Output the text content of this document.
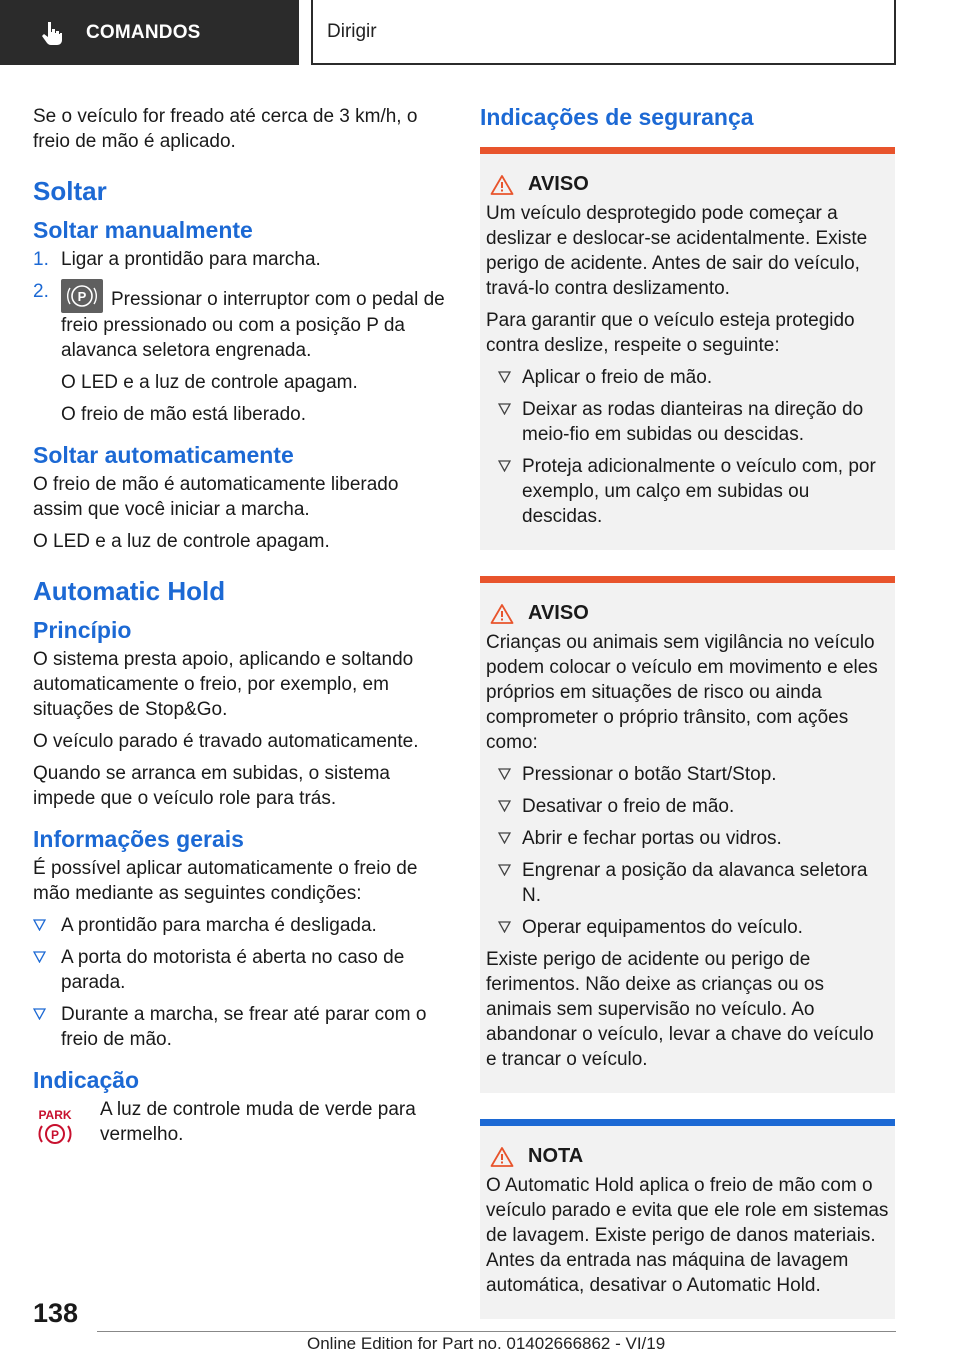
COMANDOS	Dirigir

Se o veículo for freado até cerca de 3 km/h, o freio de mão é aplicado.

Soltar
Soltar manualmente
1. Ligar a prontidão para marcha.
2. P Pressionar o interruptor com o pedal de freio pressionado ou com a posição P da alavanca seletora engrenada.

O LED e a luz de controle apagam.

O freio de mão está liberado.

Soltar automaticamente

O freio de mão é automaticamente liberado assim que você iniciar a marcha.

O LED e a luz de controle apagam.

Automatic Hold
Princípio

O sistema presta apoio, aplicando e soltando automaticamente o freio, por exemplo, em situações de Stop&Go.

O veículo parado é travado automaticamente.

Quando se arranca em subidas, o sistema impede que o veículo role para trás.

Informações gerais

É possível aplicar automaticamente o freio de mão mediante as seguintes condições:

A prontidão para marcha é desligada.
A porta do motorista é aberta no caso de parada.
Durante a marcha, se frear até parar com o freio de mão.
Indicação
PARK
P

A luz de controle muda de verde para vermelho.

Indicações de segurança
AVISO

Um veículo desprotegido pode começar a deslizar e deslocar-se acidentalmente. Existe perigo de acidente. Antes de sair do veículo, travá-lo contra deslizamento.

Para garantir que o veículo esteja protegido contra deslize, respeite o seguinte:

Aplicar o freio de mão.
Deixar as rodas dianteiras na direção do meio-fio em subidas ou descidas.
Proteja adicionalmente o veículo com, por exemplo, um calço em subidas ou descidas.
AVISO

Crianças ou animais sem vigilância no veículo podem colocar o veículo em movimento e eles próprios em situações de risco ou ainda comprometer o próprio trânsito, com ações como:

Pressionar o botão Start/Stop.
Desativar o freio de mão.
Abrir e fechar portas ou vidros.
Engrenar a posição da alavanca seletora N.
Operar equipamentos do veículo.

Existe perigo de acidente ou perigo de ferimentos. Não deixe as crianças ou os animais sem supervisão no veículo. Ao abandonar o veículo, levar a chave do veículo e trancar o veículo.

NOTA

O Automatic Hold aplica o freio de mão com o veículo parado e evita que ele role em sistemas de lavagem. Existe perigo de danos materiais. Antes da entrada nas máquina de lavagem automática, desativar o Automatic Hold.

138
Online Edition for Part no. 01402666862 - VI/19
